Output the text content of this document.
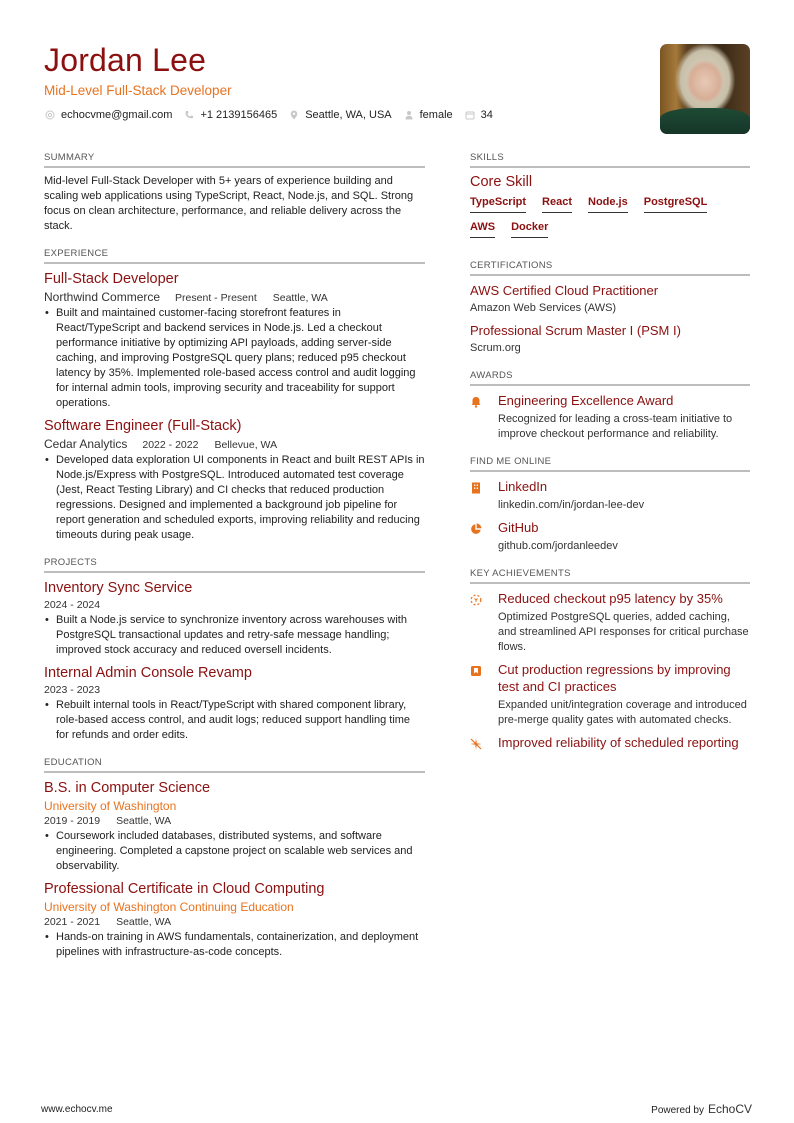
Jordan Lee
Mid-Level Full-Stack Developer
echocvme@gmail.com	+1 2139156465	Seattle, WA, USA	female	34
SUMMARY
Mid-level Full-Stack Developer with 5+ years of experience building and scaling web applications using TypeScript, React, Node.js, and SQL. Strong focus on clean architecture, performance, and reliable delivery across the stack.
EXPERIENCE
Full-Stack Developer
Northwind Commerce Present - Present Seattle, WA
• Built and maintained customer-facing storefront features in React/TypeScript and backend services in Node.js. Led a checkout performance initiative by optimizing API payloads, adding server-side caching, and improving PostgreSQL query plans; reduced p95 checkout latency by 35%. Implemented role-based access control and audit logging for internal admin tools, improving security and traceability for support operations.
Software Engineer (Full-Stack)
Cedar Analytics 2022 - 2022 Bellevue, WA
• Developed data exploration UI components in React and built REST APIs in Node.js/Express with PostgreSQL. Introduced automated test coverage (Jest, React Testing Library) and CI checks that reduced production regressions. Designed and implemented a background job pipeline for report generation and scheduled exports, improving reliability and reducing timeouts during peak usage.
PROJECTS
Inventory Sync Service
2024 - 2024
• Built a Node.js service to synchronize inventory across warehouses with PostgreSQL transactional updates and retry-safe message handling; improved stock accuracy and reduced oversell incidents.
Internal Admin Console Revamp
2023 - 2023
• Rebuilt internal tools in React/TypeScript with shared component library, role-based access control, and audit logs; reduced support handling time for refunds and order edits.
EDUCATION
B.S. in Computer Science
University of Washington
2019 - 2019 Seattle, WA
• Coursework included databases, distributed systems, and software engineering. Completed a capstone project on scalable web services and observability.
Professional Certificate in Cloud Computing
University of Washington Continuing Education
2021 - 2021 Seattle, WA
• Hands-on training in AWS fundamentals, containerization, and deployment pipelines with infrastructure-as-code concepts.
SKILLS
Core Skill
TypeScript React Node.js PostgreSQL
AWS Docker
CERTIFICATIONS
AWS Certified Cloud Practitioner
Amazon Web Services (AWS)
Professional Scrum Master I (PSM I)
Scrum.org
AWARDS
Engineering Excellence Award
Recognized for leading a cross-team initiative to improve checkout performance and reliability.
FIND ME ONLINE
LinkedIn
linkedin.com/in/jordan-lee-dev
GitHub
github.com/jordanleedev
KEY ACHIEVEMENTS
Reduced checkout p95 latency by 35%
Optimized PostgreSQL queries, added caching, and streamlined API responses for critical purchase flows.
Cut production regressions by improving test and CI practices
Expanded unit/integration coverage and introduced pre-merge quality gates with automated checks.
Improved reliability of scheduled reporting
www.echocv.me	Powered by EchoCV
